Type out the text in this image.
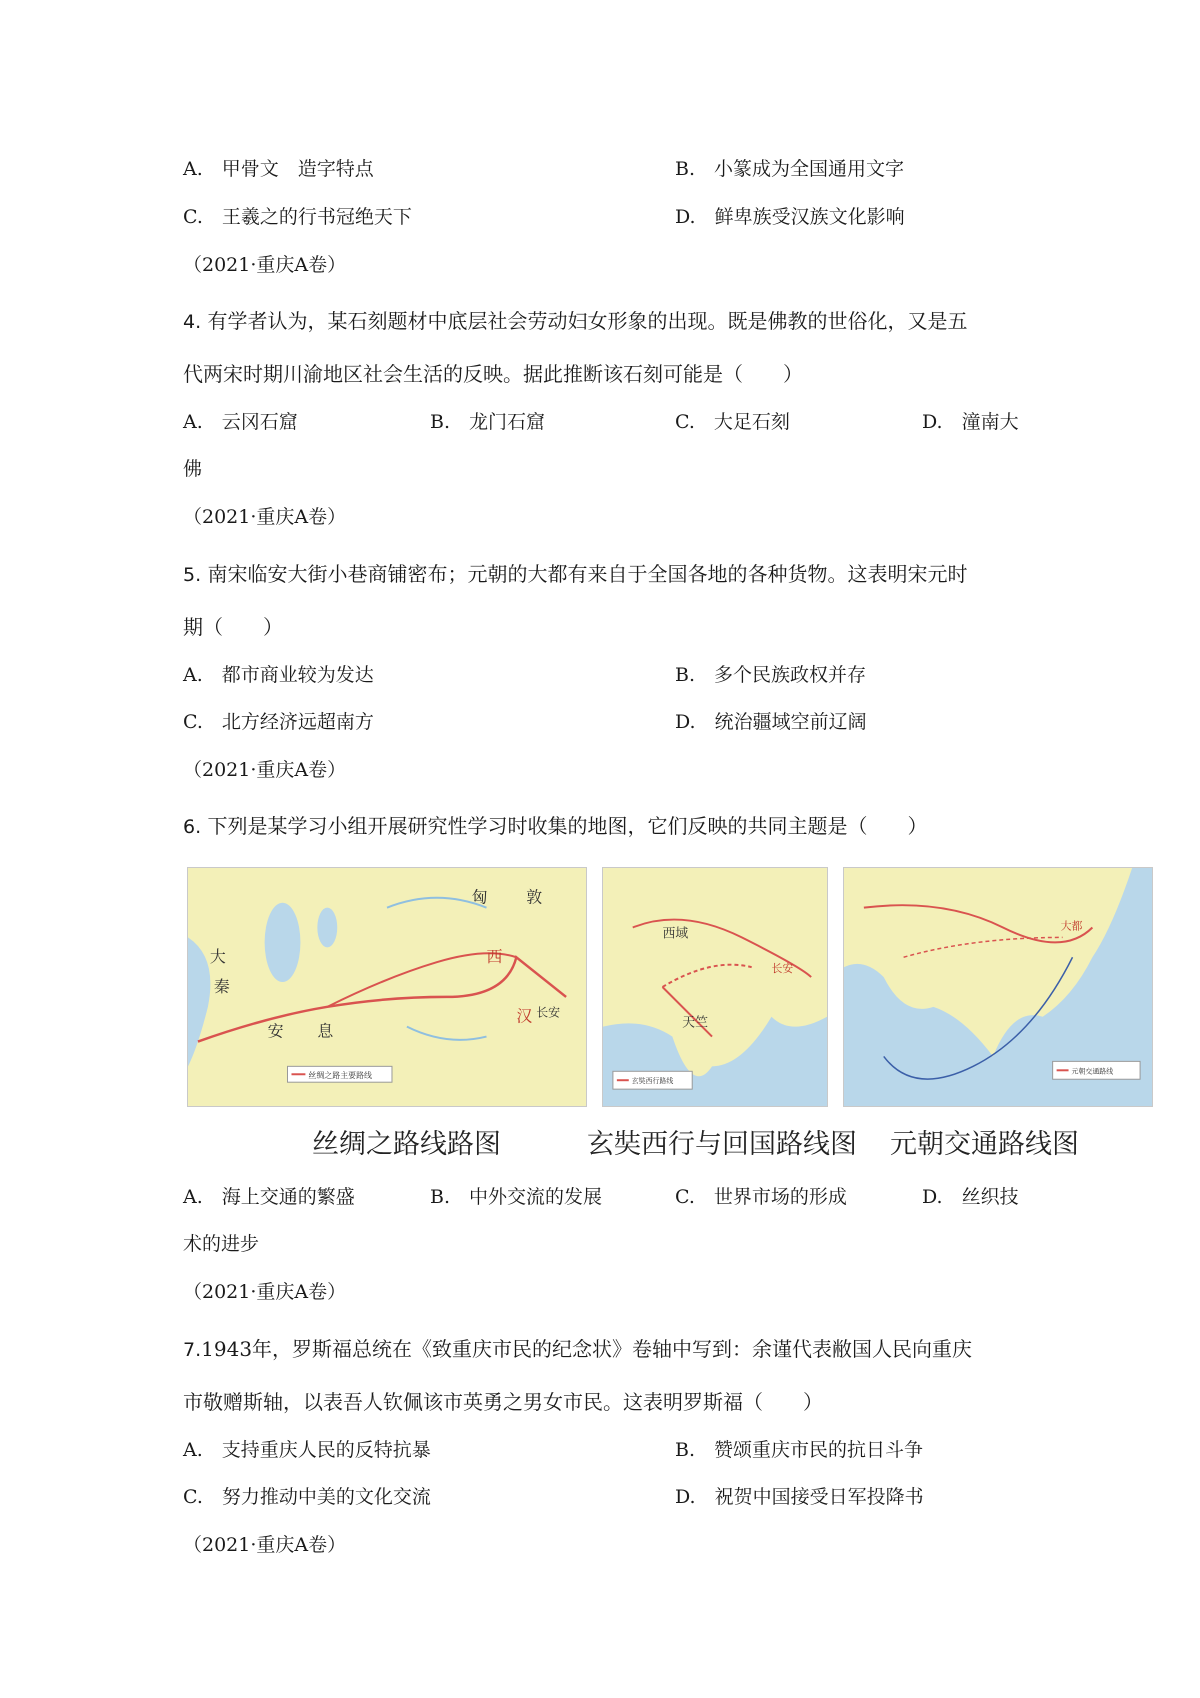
A.　甲骨文　造字特点	B.　小篆成为全国通用文字
C.　王羲之的行书冠绝天下	D.　鲜卑族受汉族文化影响
（2021·重庆A卷）
4. 有学者认为，某石刻题材中底层社会劳动妇女形象的出现。既是佛教的世俗化，又是五
代两宋时期川渝地区社会生活的反映。据此推断该石刻可能是（　　）
A.　云冈石窟	B.　龙门石窟	C.　大足石刻	D.　潼南大
佛
（2021·重庆A卷）
5. 南宋临安大街小巷商铺密布；元朝的大都有来自于全国各地的各种货物。这表明宋元时
期（　　）
A.　都市商业较为发达	B.　多个民族政权并存
C.　北方经济远超南方	D.　统治疆域空前辽阔
（2021·重庆A卷）
6. 下列是某学习小组开展研究性学习时收集的地图，它们反映的共同主题是（　　）
大
秦
安 息
长安
西
汉
敦
匈
丝绸之路主要路线
天竺
西域
长安
玄奘西行路线
大都
元朝交通路线
丝绸之路线路图	玄奘西行与回国路线图 元朝交通路线图
A.　海上交通的繁盛	B.　中外交流的发展	C.　世界市场的形成	D.　丝织技
术的进步
（2021·重庆A卷）
7.1943年，罗斯福总统在《致重庆市民的纪念状》卷轴中写到：余谨代表敝国人民向重庆
市敬赠斯轴，以表吾人钦佩该市英勇之男女市民。这表明罗斯福（　　）
A.　支持重庆人民的反特抗暴	B.　赞颂重庆市民的抗日斗争
C.　努力推动中美的文化交流	D.　祝贺中国接受日军投降书
（2021·重庆A卷）
